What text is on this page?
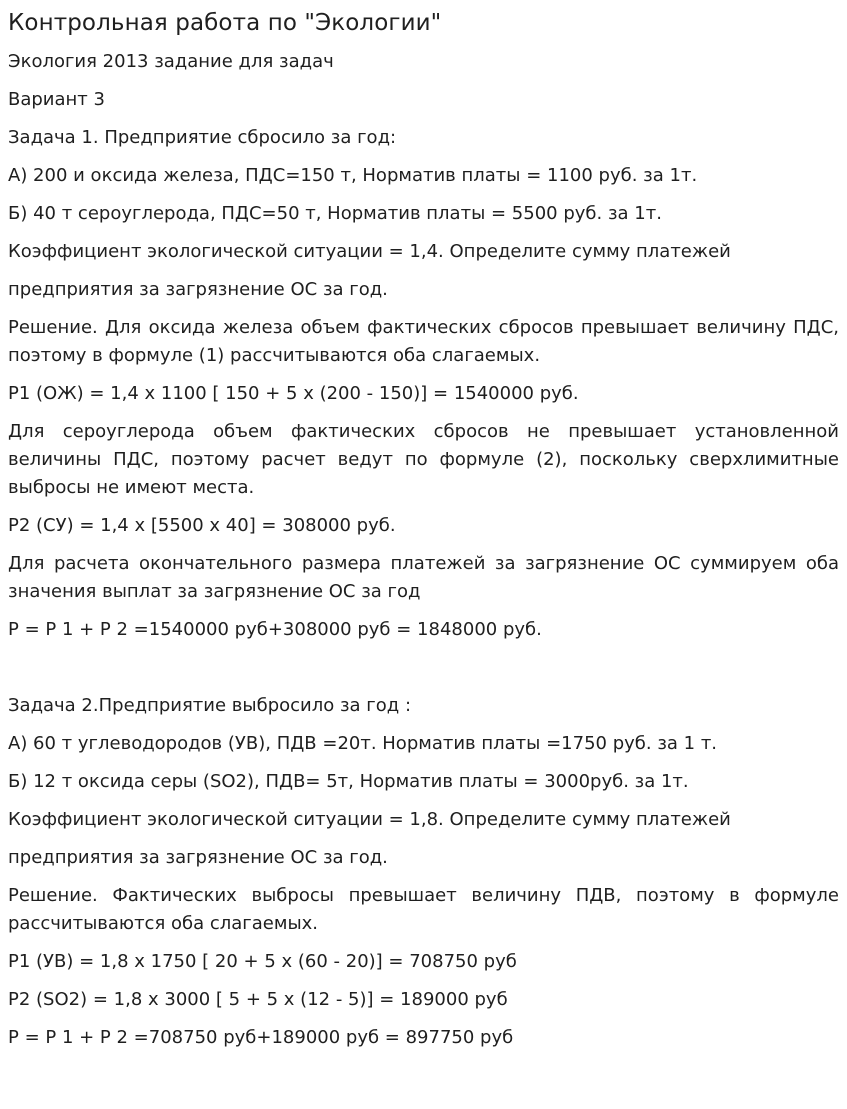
Контрольная работа по "Экологии"
Экология 2013 задание для задач
Вариант 3
Задача 1. Предприятие сбросило за год:
А) 200 и оксида железа, ПДС=150 т, Норматив платы = 1100 руб. за 1т.
Б) 40 т сероуглерода, ПДС=50 т, Норматив платы = 5500 руб. за 1т.
Коэффициент экологической ситуации = 1,4. Определите сумму платежей
предприятия за загрязнение ОС за год.
Решение. Для оксида железа объем фактических сбросов превышает величину ПДС, поэтому в формуле (1) рассчитываются оба слагаемых.
Р1 (ОЖ) = 1,4 х 1100 [ 150 + 5 х (200 - 150)] = 1540000 руб.
Для сероуглерода объем фактических сбросов не превышает установленной величины ПДС, поэтому расчет ведут по формуле (2), поскольку сверхлимитные выбросы не имеют места.
Р2 (СУ) = 1,4 х [5500 х 40] = 308000 руб.
Для расчета окончательного размера платежей за загрязнение ОС суммируем оба значения выплат за загрязнение ОС за год
Р = Р 1 + Р 2 =1540000 руб+308000 руб = 1848000 руб.
Задача 2.Предприятие выбросило за год :
А) 60 т углеводородов (УВ), ПДВ =20т. Норматив платы =1750 руб. за 1 т.
Б) 12 т оксида серы (SO2), ПДВ= 5т, Норматив платы = 3000руб. за 1т.
Коэффициент экологической ситуации = 1,8. Определите сумму платежей
предприятия за загрязнение ОС за год.
Решение. Фактических выбросы превышает величину ПДВ, поэтому в формуле рассчитываются оба слагаемых.
Р1 (УВ) = 1,8 х 1750 [ 20 + 5 х (60 - 20)] = 708750 руб
Р2 (SO2) = 1,8 х 3000 [ 5 + 5 х (12 - 5)] = 189000 руб
Р = Р 1 + Р 2 =708750 руб+189000 руб = 897750 руб
